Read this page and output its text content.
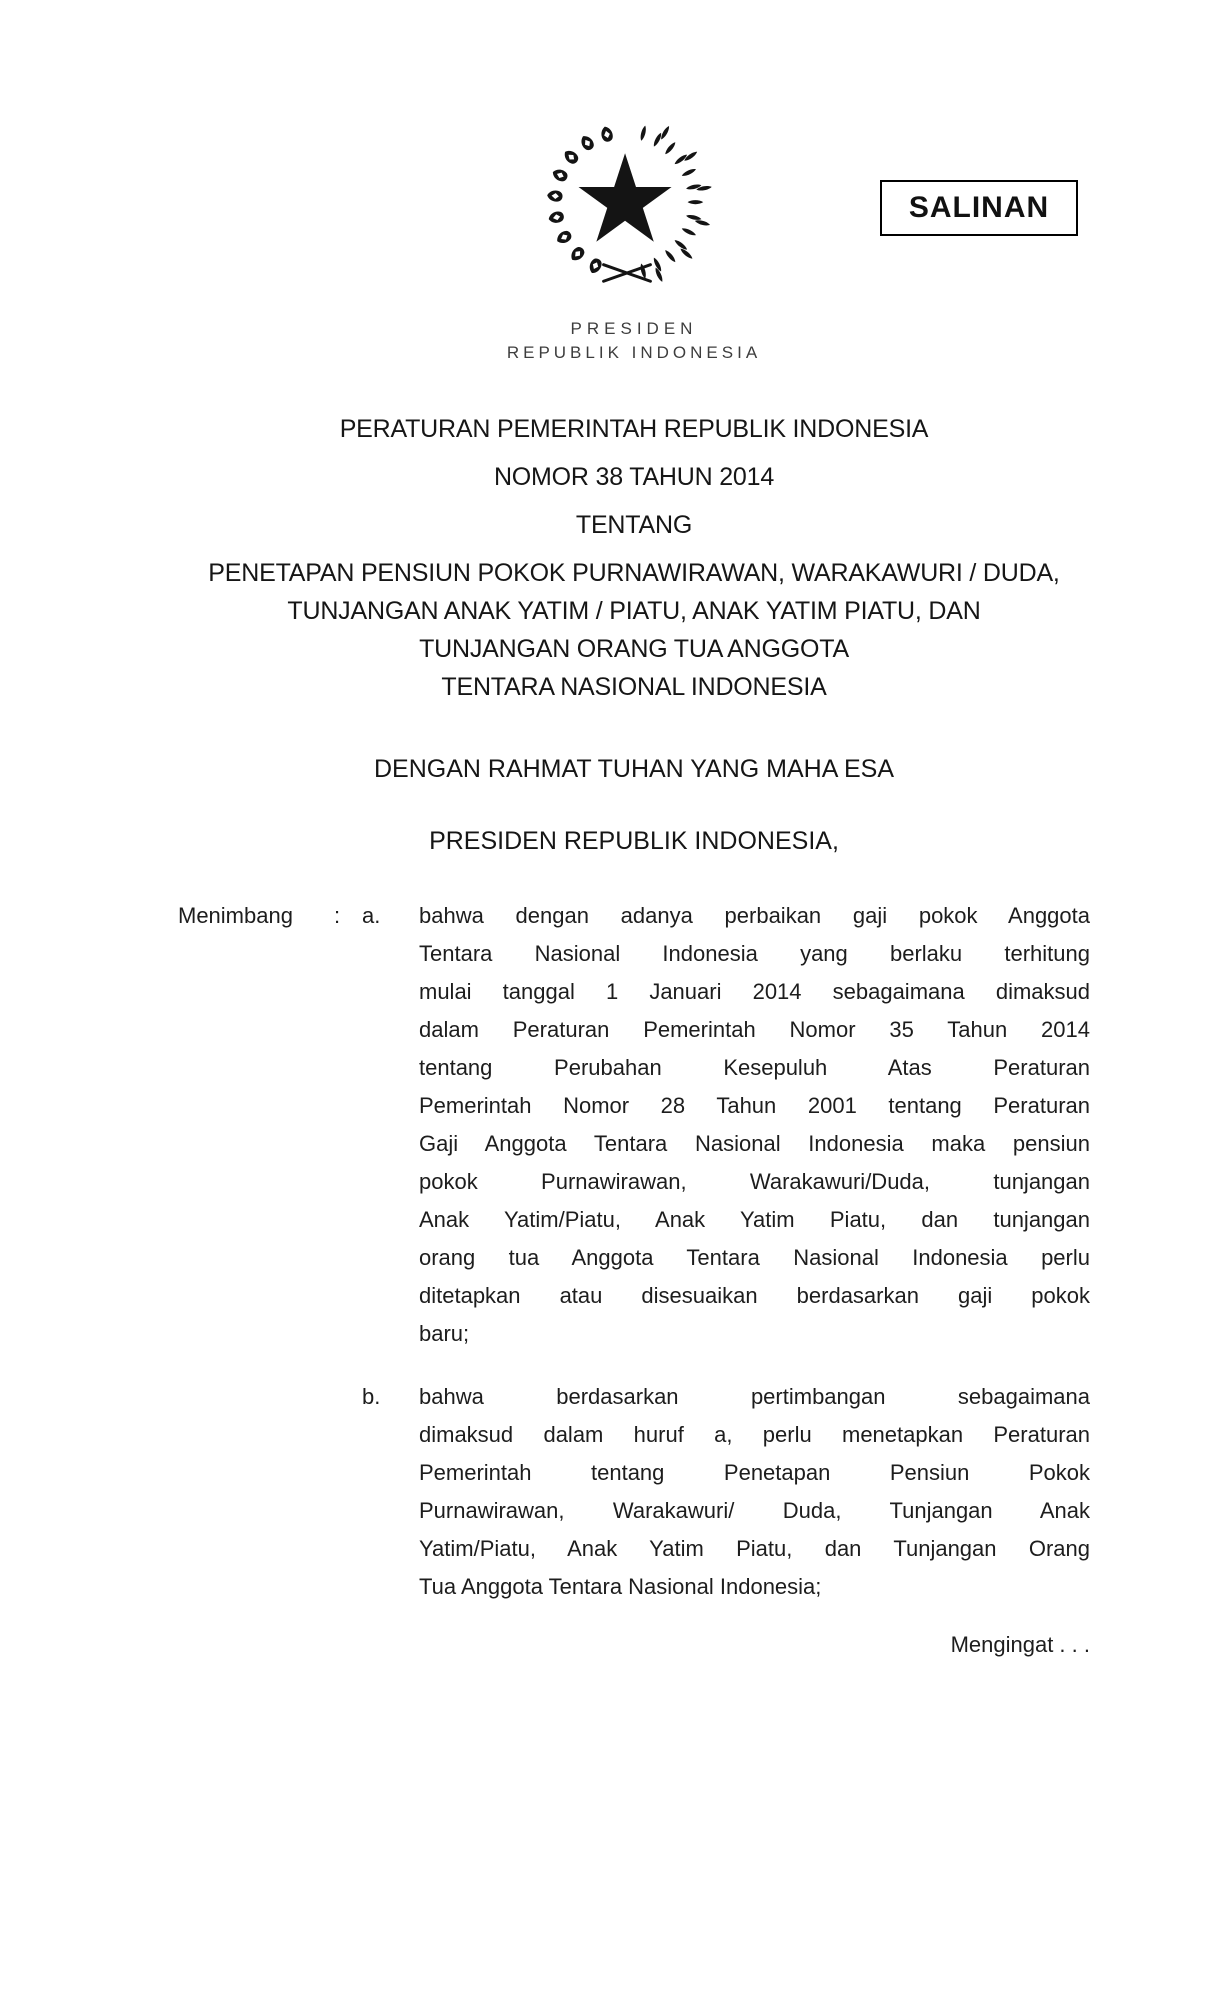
SALINAN
PRESIDEN
REPUBLIK INDONESIA
PERATURAN PEMERINTAH REPUBLIK INDONESIA
NOMOR 38 TAHUN 2014
TENTANG
PENETAPAN PENSIUN POKOK PURNAWIRAWAN, WARAKAWURI / DUDA,
TUNJANGAN ANAK YATIM / PIATU, ANAK YATIM PIATU, DAN
TUNJANGAN ORANG TUA ANGGOTA
TENTARA NASIONAL INDONESIA
DENGAN RAHMAT TUHAN YANG MAHA ESA
PRESIDEN REPUBLIK INDONESIA,
Menimbang : a. bahwa dengan adanya perbaikan gaji pokok Anggota
Tentara Nasional Indonesia yang berlaku terhitung
mulai tanggal 1 Januari 2014 sebagaimana dimaksud
dalam Peraturan Pemerintah Nomor 35 Tahun 2014
tentang Perubahan Kesepuluh Atas Peraturan
Pemerintah Nomor 28 Tahun 2001 tentang Peraturan
Gaji Anggota Tentara Nasional Indonesia maka pensiun
pokok Purnawirawan, Warakawuri/Duda, tunjangan
Anak Yatim/Piatu, Anak Yatim Piatu, dan tunjangan
orang tua Anggota Tentara Nasional Indonesia perlu
ditetapkan atau disesuaikan berdasarkan gaji pokok
baru;
b. bahwa berdasarkan pertimbangan sebagaimana
dimaksud dalam huruf a, perlu menetapkan Peraturan
Pemerintah tentang Penetapan Pensiun Pokok
Purnawirawan, Warakawuri/ Duda, Tunjangan Anak
Yatim/Piatu, Anak Yatim Piatu, dan Tunjangan Orang
Tua Anggota Tentara Nasional Indonesia;
Mengingat . . .
